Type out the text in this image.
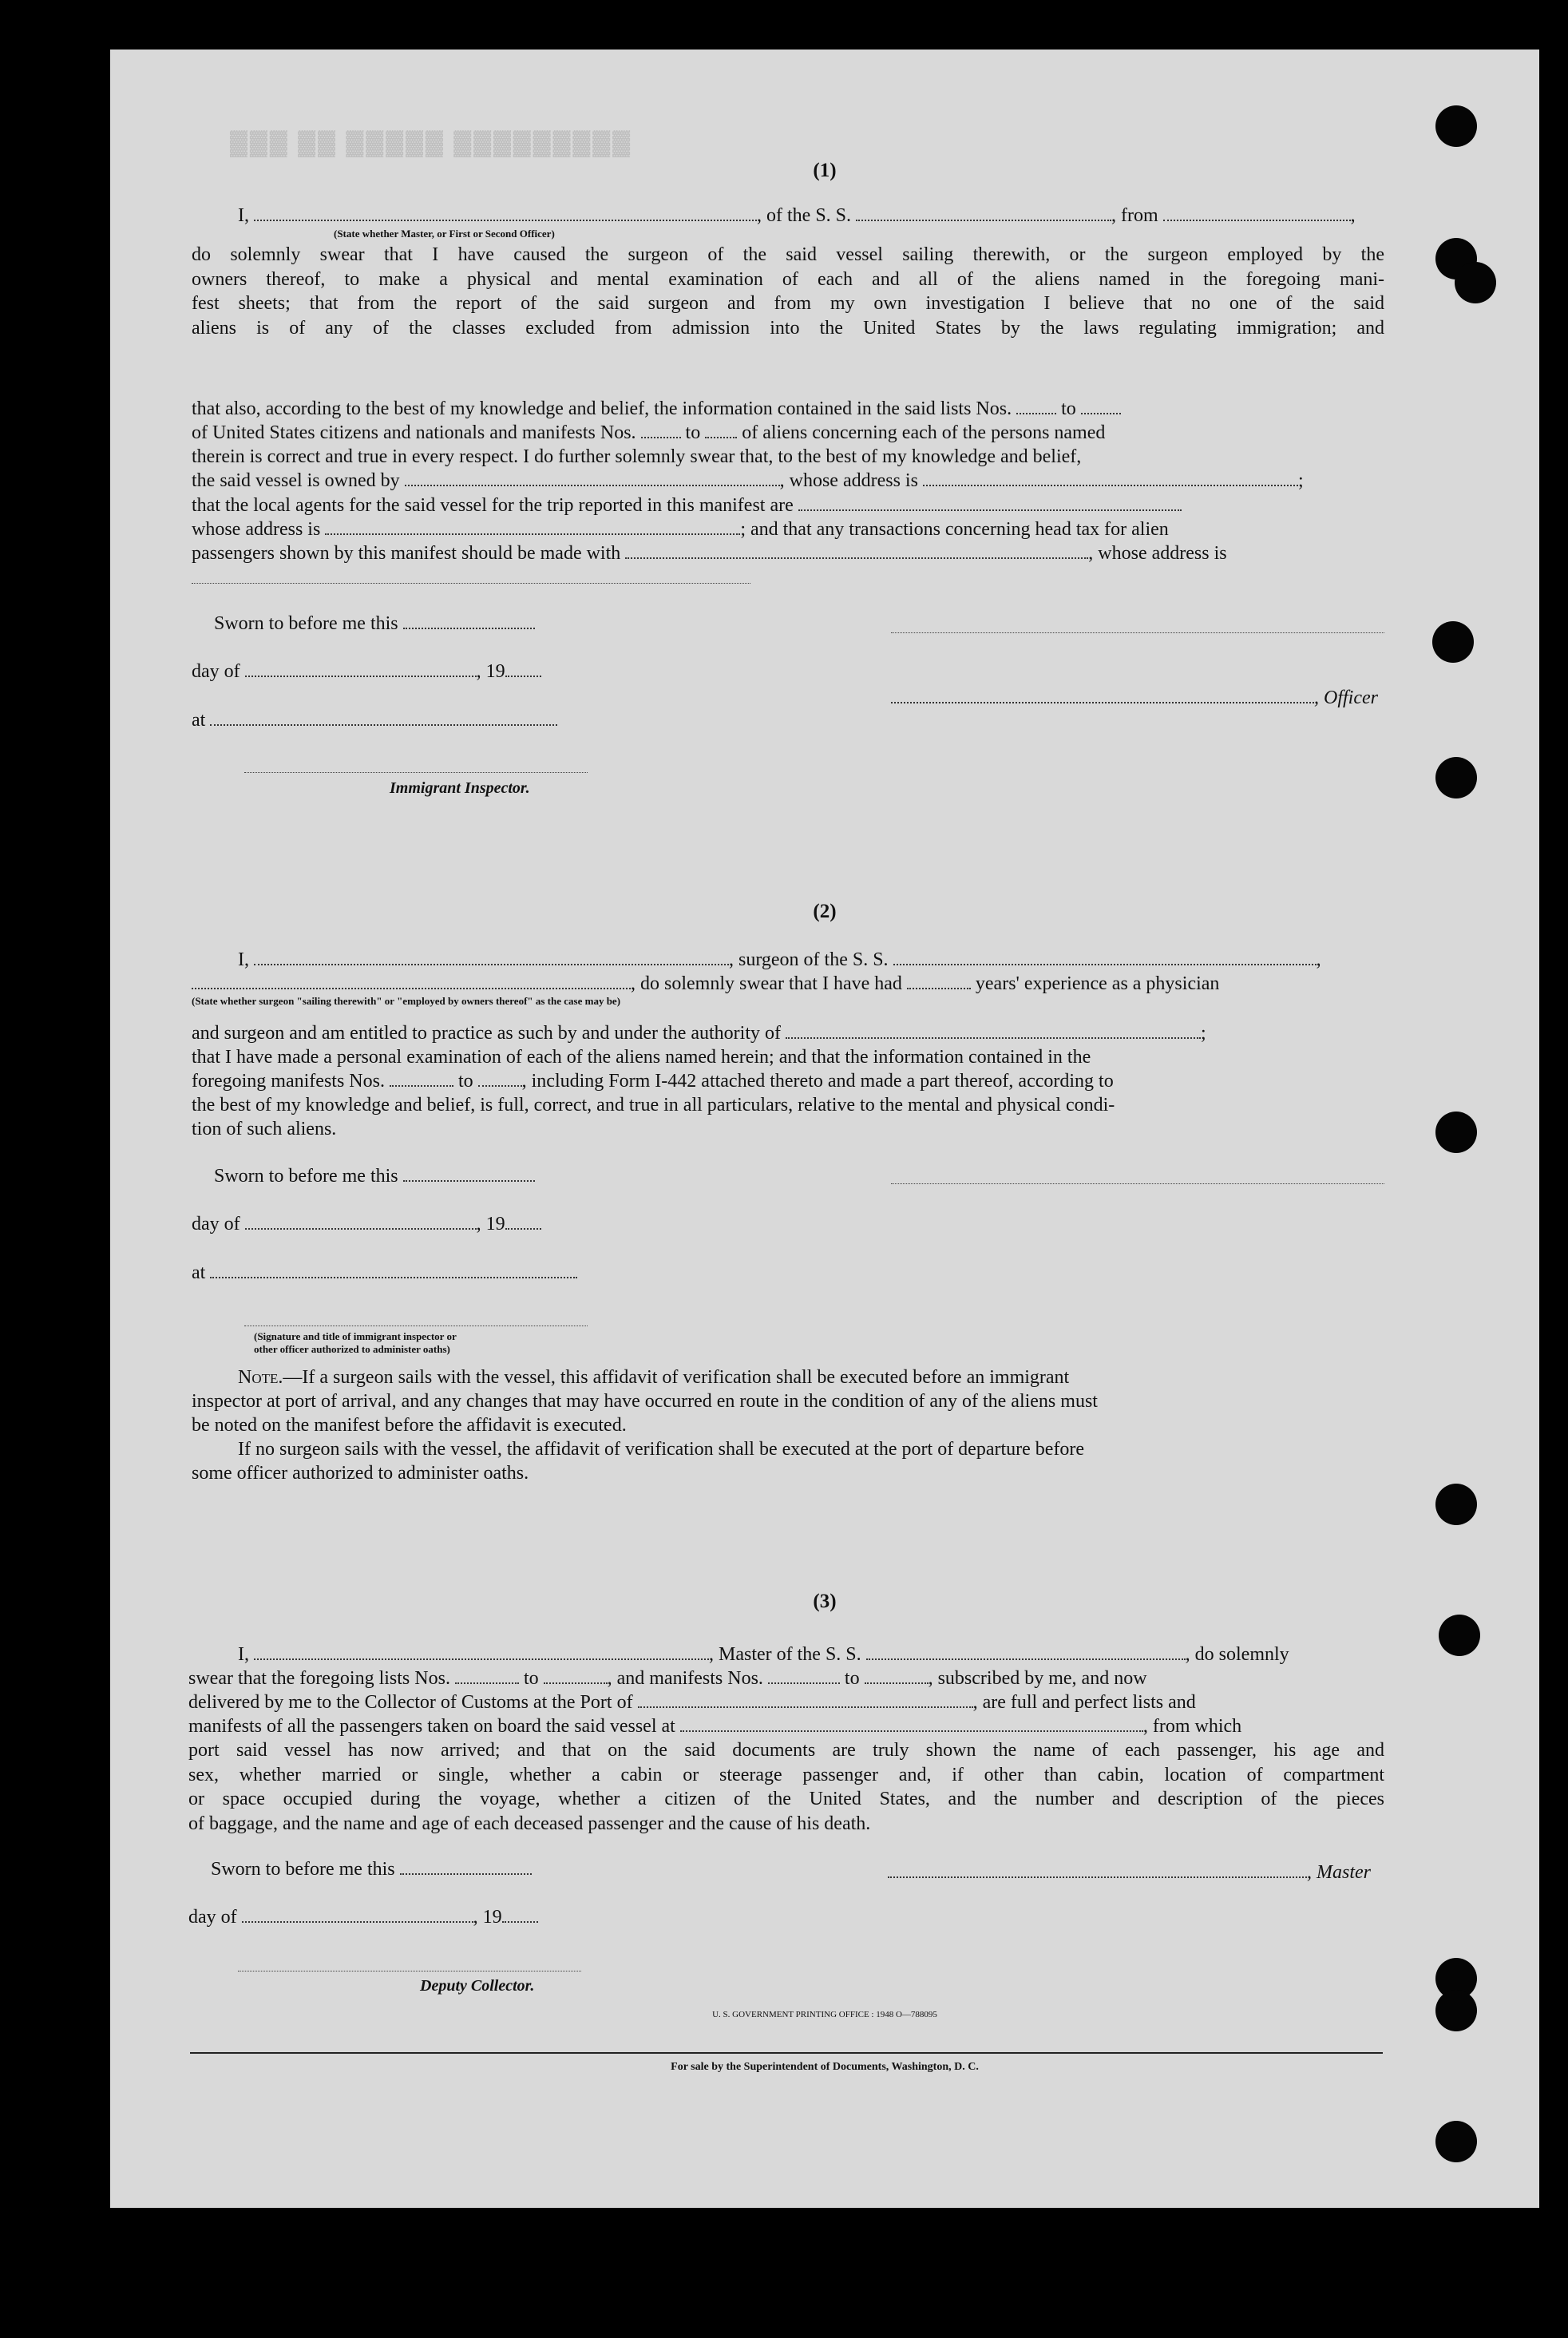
▓▓▓ ▓▓ ▓▓▓▓▓ ▓▓▓▓▓▓▓▓▓
(1)
I,	, of the S. S.	, from	,
(State whether Master, or First or Second Officer)
do solemnly swear that I have caused the surgeon of the said vessel sailing therewith, or the surgeon employed by the
owners thereof, to make a physical and mental examination of each and all of the aliens named in the foregoing mani-
fest sheets; that from the report of the said surgeon and from my own investigation I believe that no one of the said
aliens is of any of the classes excluded from admission into the United States by the laws regulating immigration; and
that also, according to the best of my knowledge and belief, the information contained in the said lists Nos.	to
of United States citizens and nationals and manifests Nos.	to of aliens concerning each of the persons named
therein is correct and true in every respect. I do further solemnly swear that, to the best of my knowledge and belief,
the said vessel is owned by	, whose address is	;
that the local agents for the said vessel for the trip reported in this manifest are
whose address is	; and that any transactions concerning head tax for alien
passengers shown by this manifest should be made with	, whose address is
Sworn to before me this
day of	, 19
, Officer
at
Immigrant Inspector.
(2)
I,	, surgeon of the S. S.	,
, do solemnly swear that I have had	years' experience as a physician
(State whether surgeon "sailing therewith" or "employed by owners thereof" as the case may be)
and surgeon and am entitled to practice as such by and under the authority of	;
that I have made a personal examination of each of the aliens named herein; and that the information contained in the
foregoing manifests Nos.	to	, including Form I-442 attached thereto and made a part thereof, according to
the best of my knowledge and belief, is full, correct, and true in all particulars, relative to the mental and physical condi-
tion of such aliens.
Sworn to before me this
day of	, 19
at
(Signature and title of immigrant inspector or
other officer authorized to administer oaths)
Note.—If a surgeon sails with the vessel, this affidavit of verification shall be executed before an immigrant
inspector at port of arrival, and any changes that may have occurred en route in the condition of any of the aliens must
be noted on the manifest before the affidavit is executed.
If no surgeon sails with the vessel, the affidavit of verification shall be executed at the port of departure before
some officer authorized to administer oaths.
(3)
I,	, Master of the S. S.	, do solemnly
swear that the foregoing lists Nos.	to	, and manifests Nos.	to	, subscribed by me, and now
delivered by me to the Collector of Customs at the Port of	, are full and perfect lists and
manifests of all the passengers taken on board the said vessel at	, from which
port said vessel has now arrived; and that on the said documents are truly shown the name of each passenger, his age and
sex, whether married or single, whether a cabin or steerage passenger and, if other than cabin, location of compartment
or space occupied during the voyage, whether a citizen of the United States, and the number and description of the pieces
of baggage, and the name and age of each deceased passenger and the cause of his death.
Sworn to before me this	, Master
day of	, 19
Deputy Collector.
U. S. GOVERNMENT PRINTING OFFICE : 1948 O—788095
For sale by the Superintendent of Documents, Washington, D. C.
